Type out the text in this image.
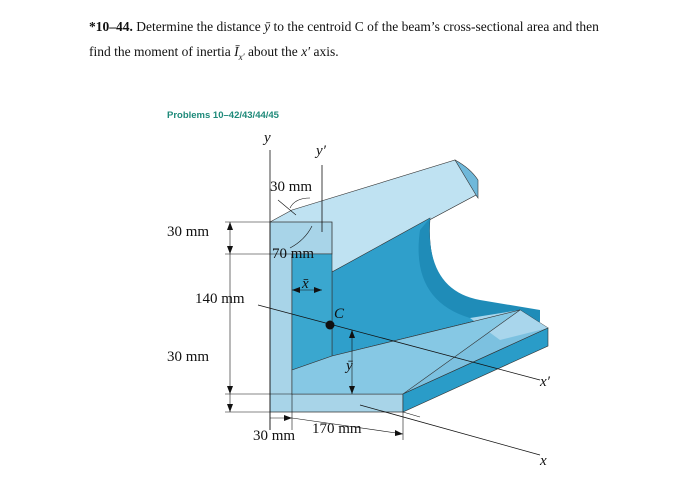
*10–44. Determine the distance ȳ to the centroid C of the beam’s cross-sectional area and then
find the moment of inertia $Ī_{x'}$ about the x′ axis.
Problems 10–42/43/44/45
y
y′
30 mm
30 mm
70 mm
x̄
140 mm
C
30 mm
ȳ
x′
170 mm
30 mm
x
